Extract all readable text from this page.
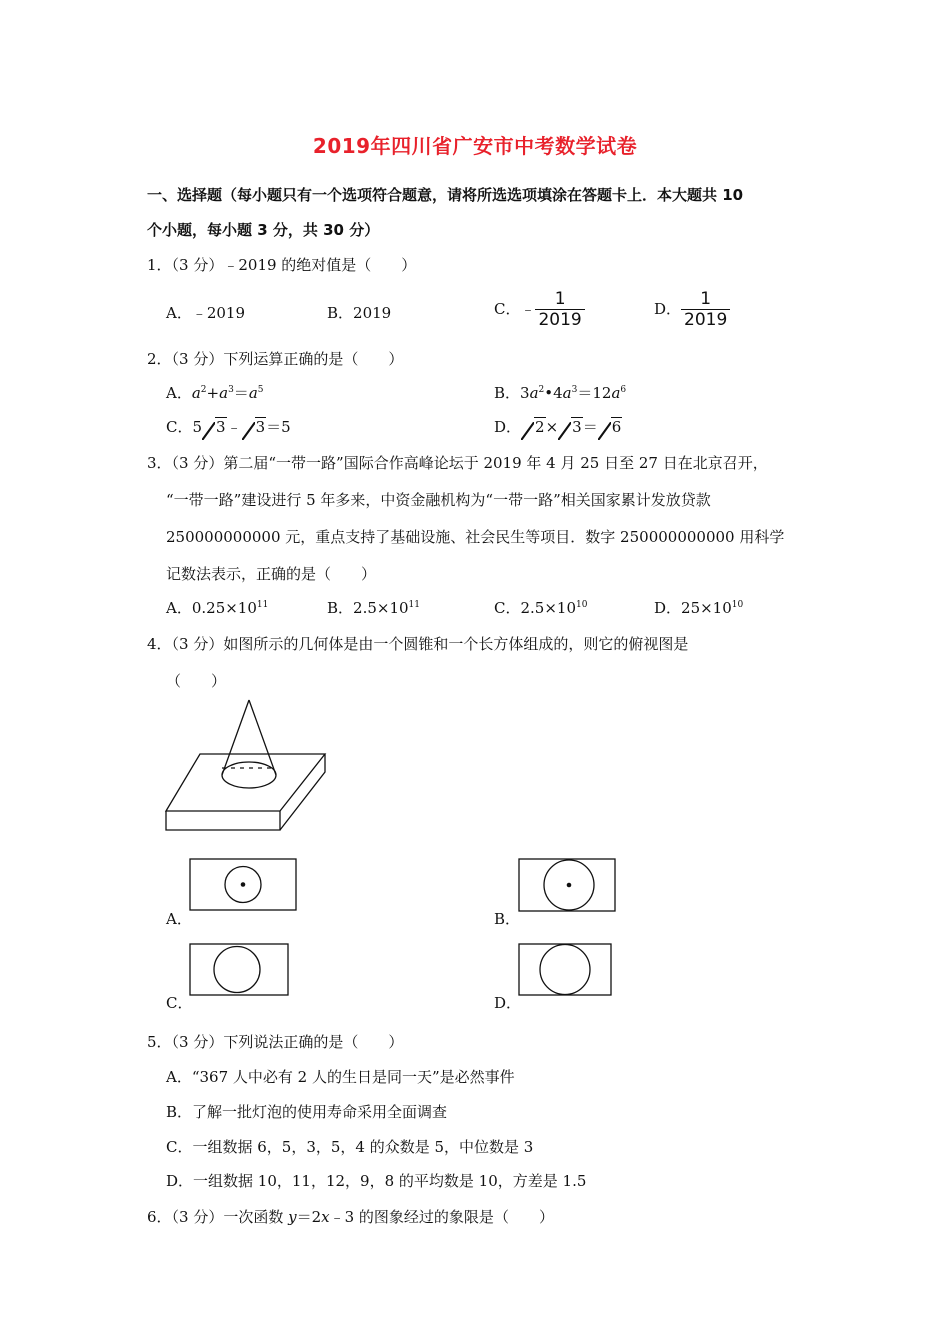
2019年四川省广安市中考数学试卷
一、选择题（每小题只有一个选项符合题意，请将所选选项填涂在答题卡上．本大题共 10
个小题，每小题 3 分，共 30 分）
1．（3 分）﹣2019 的绝对值是（　　）
A．﹣2019	B．2019	C．﹣ $\frac{1}{2019}$	D． $\frac{1}{2019}$
2．（3 分）下列运算正确的是（　　）
A．$a^2+a^3=a^5$	B．$3a^2•4a^3=12a^6$
C．5 3﹣ 3＝5	D． 2× 3＝ 6
3．（3 分）第二届“一带一路”国际合作高峰论坛于 2019 年 4 月 25 日至 27 日在北京召开，
“一带一路”建设进行 5 年多来，中资金融机构为“一带一路”相关国家累计发放贷款
250000000000 元，重点支持了基础设施、社会民生等项目．数字 250000000000 用科学
记数法表示，正确的是（　　）
A．$0.25\times 10^{11}$	B．$2.5\times 10^{11}$	C．$2.5\times 10^{10}$	D．$25\times 10^{10}$
4．（3 分）如图所示的几何体是由一个圆锥和一个长方体组成的，则它的俯视图是
（　　）
A．	B．
C．	D．
5．（3 分）下列说法正确的是（　　）
A．“367 人中必有 2 人的生日是同一天”是必然事件
B．了解一批灯泡的使用寿命采用全面调查
C．一组数据 6，5，3，5，4 的众数是 5，中位数是 3
D．一组数据 10，11，12，9，8 的平均数是 10，方差是 1.5
6．（3 分）一次函数 y＝2x﹣3 的图象经过的象限是（　　）
